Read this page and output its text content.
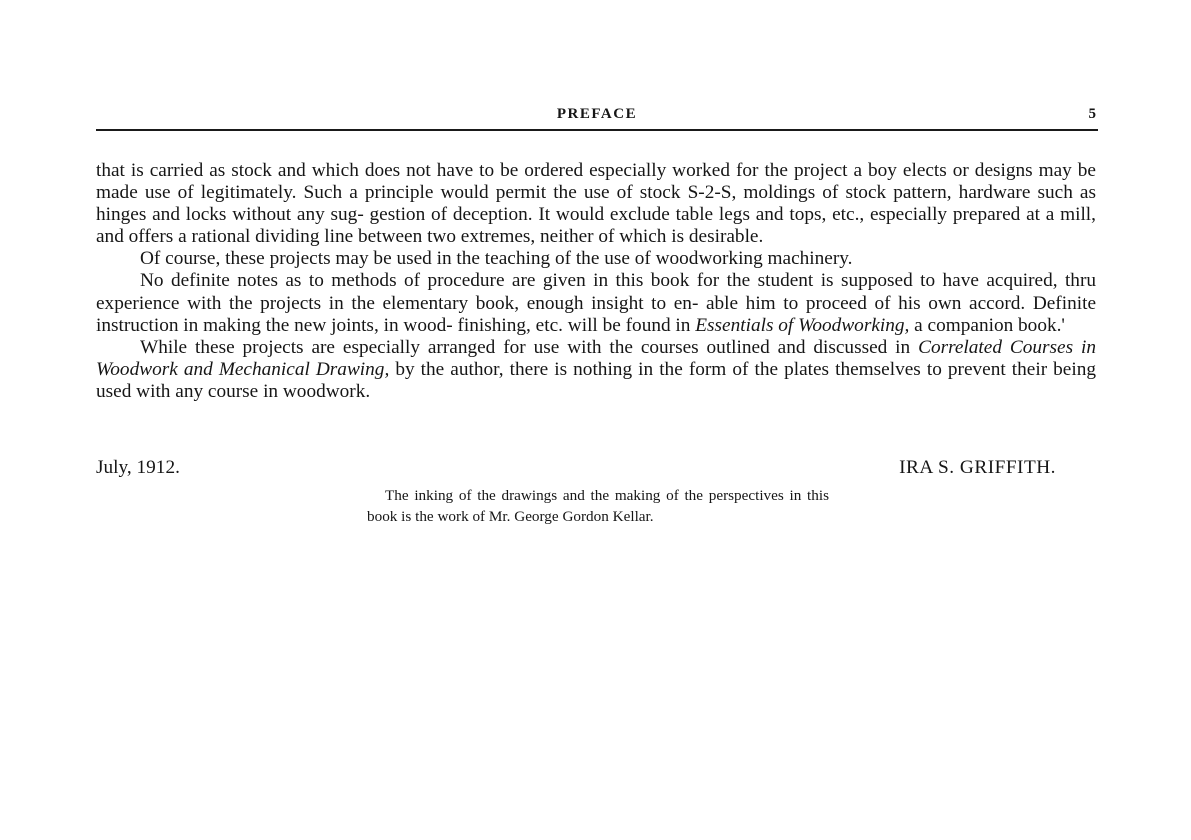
PREFACE	5

that is carried as stock and which does not have to be ordered especially worked for the project a boy elects or designs may be made use of legitimately. Such a principle would permit the use of stock S-2-S, moldings of stock pattern, hardware such as hinges and locks without any sug- gestion of deception. It would exclude table legs and tops, etc., especially prepared at a mill, and offers a rational dividing line between two extremes, neither of which is desirable.

Of course, these projects may be used in the teaching of the use of woodworking machinery.

No definite notes as to methods of procedure are given in this book for the student is supposed to have acquired, thru experience with the projects in the elementary book, enough insight to en- able him to proceed of his own accord. Definite instruction in making the new joints, in wood- finishing, etc. will be found in Essentials of Woodworking, a companion book.'

While these projects are especially arranged for use with the courses outlined and discussed in Correlated Courses in Woodwork and Mechanical Drawing, by the author, there is nothing in the form of the plates themselves to prevent their being used with any course in woodwork.

July, 1912.	IRA S. GRIFFITH.
The inking of the drawings and the making of the perspectives in this book is the work of Mr. George Gordon Kellar.
